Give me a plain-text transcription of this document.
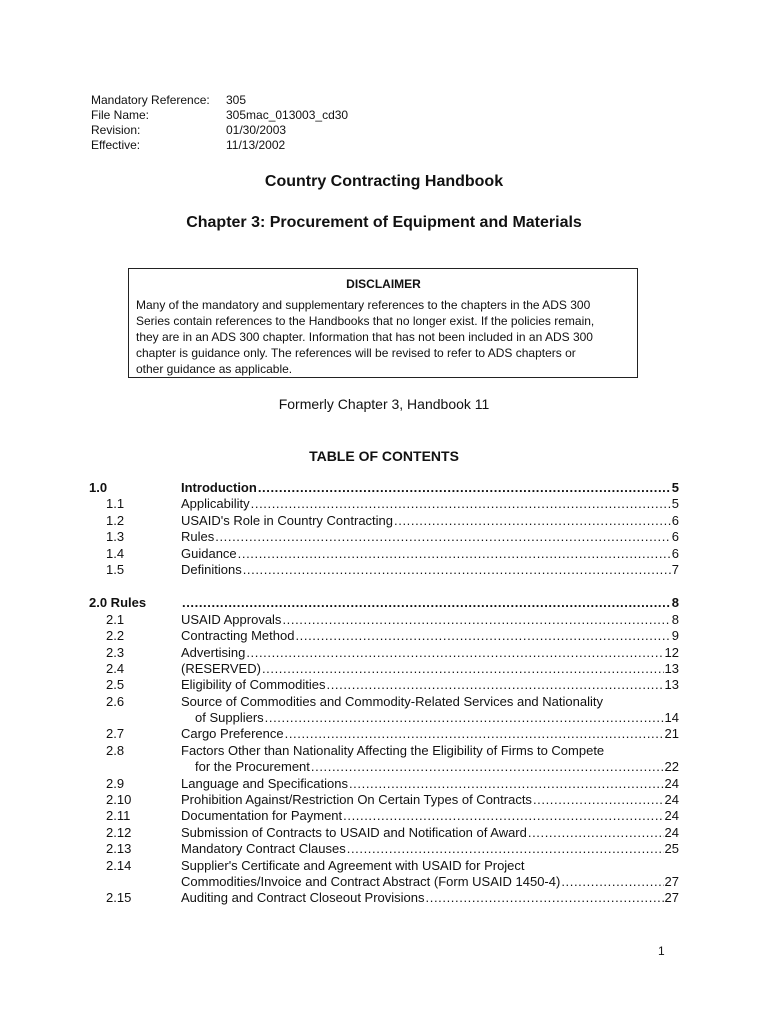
Mandatory Reference:	305
File Name:	305mac_013003_cd30
Revision:	01/30/2003
Effective:	11/13/2002
Country Contracting Handbook
Chapter 3: Procurement of Equipment and Materials
DISCLAIMER
Many of the mandatory and supplementary references to the chapters in the ADS 300
Series contain references to the Handbooks that no longer exist. If the policies remain,
they are in an ADS 300 chapter. Information that has not been included in an ADS 300
chapter is guidance only. The references will be revised to refer to ADS chapters or
other guidance as applicable.
Formerly Chapter 3, Handbook 11
TABLE OF CONTENTS
1.0	Introduction .....	5
1.1	Applicability .....	5
1.2	USAID's Role in Country Contracting .....	6
1.3	Rules .....	6
1.4	Guidance .....	6
1.5	Definitions .....	7
2.0 Rules .....	8
2.1	USAID Approvals .....	8
2.2	Contracting Method .....	9
2.3	Advertising .....	12
2.4	(RESERVED) .....	13
2.5	Eligibility of Commodities .....	13
2.6	Source of Commodities and Commodity-Related Services and Nationality
of Suppliers .....	14
2.7	Cargo Preference .....	21
2.8	Factors Other than Nationality Affecting the Eligibility of Firms to Compete
for the Procurement .....	22
2.9	Language and Specifications .....	24
2.10	Prohibition Against/Restriction On Certain Types of Contracts .....	24
2.11	Documentation for Payment .....	24
2.12	Submission of Contracts to USAID and Notification of Award .....	24
2.13	Mandatory Contract Clauses .....	25
2.14	Supplier's Certificate and Agreement with USAID for Project
Commodities/Invoice and Contract Abstract (Form USAID 1450-4) .....	27
2.15	Auditing and Contract Closeout Provisions .....	27
1
